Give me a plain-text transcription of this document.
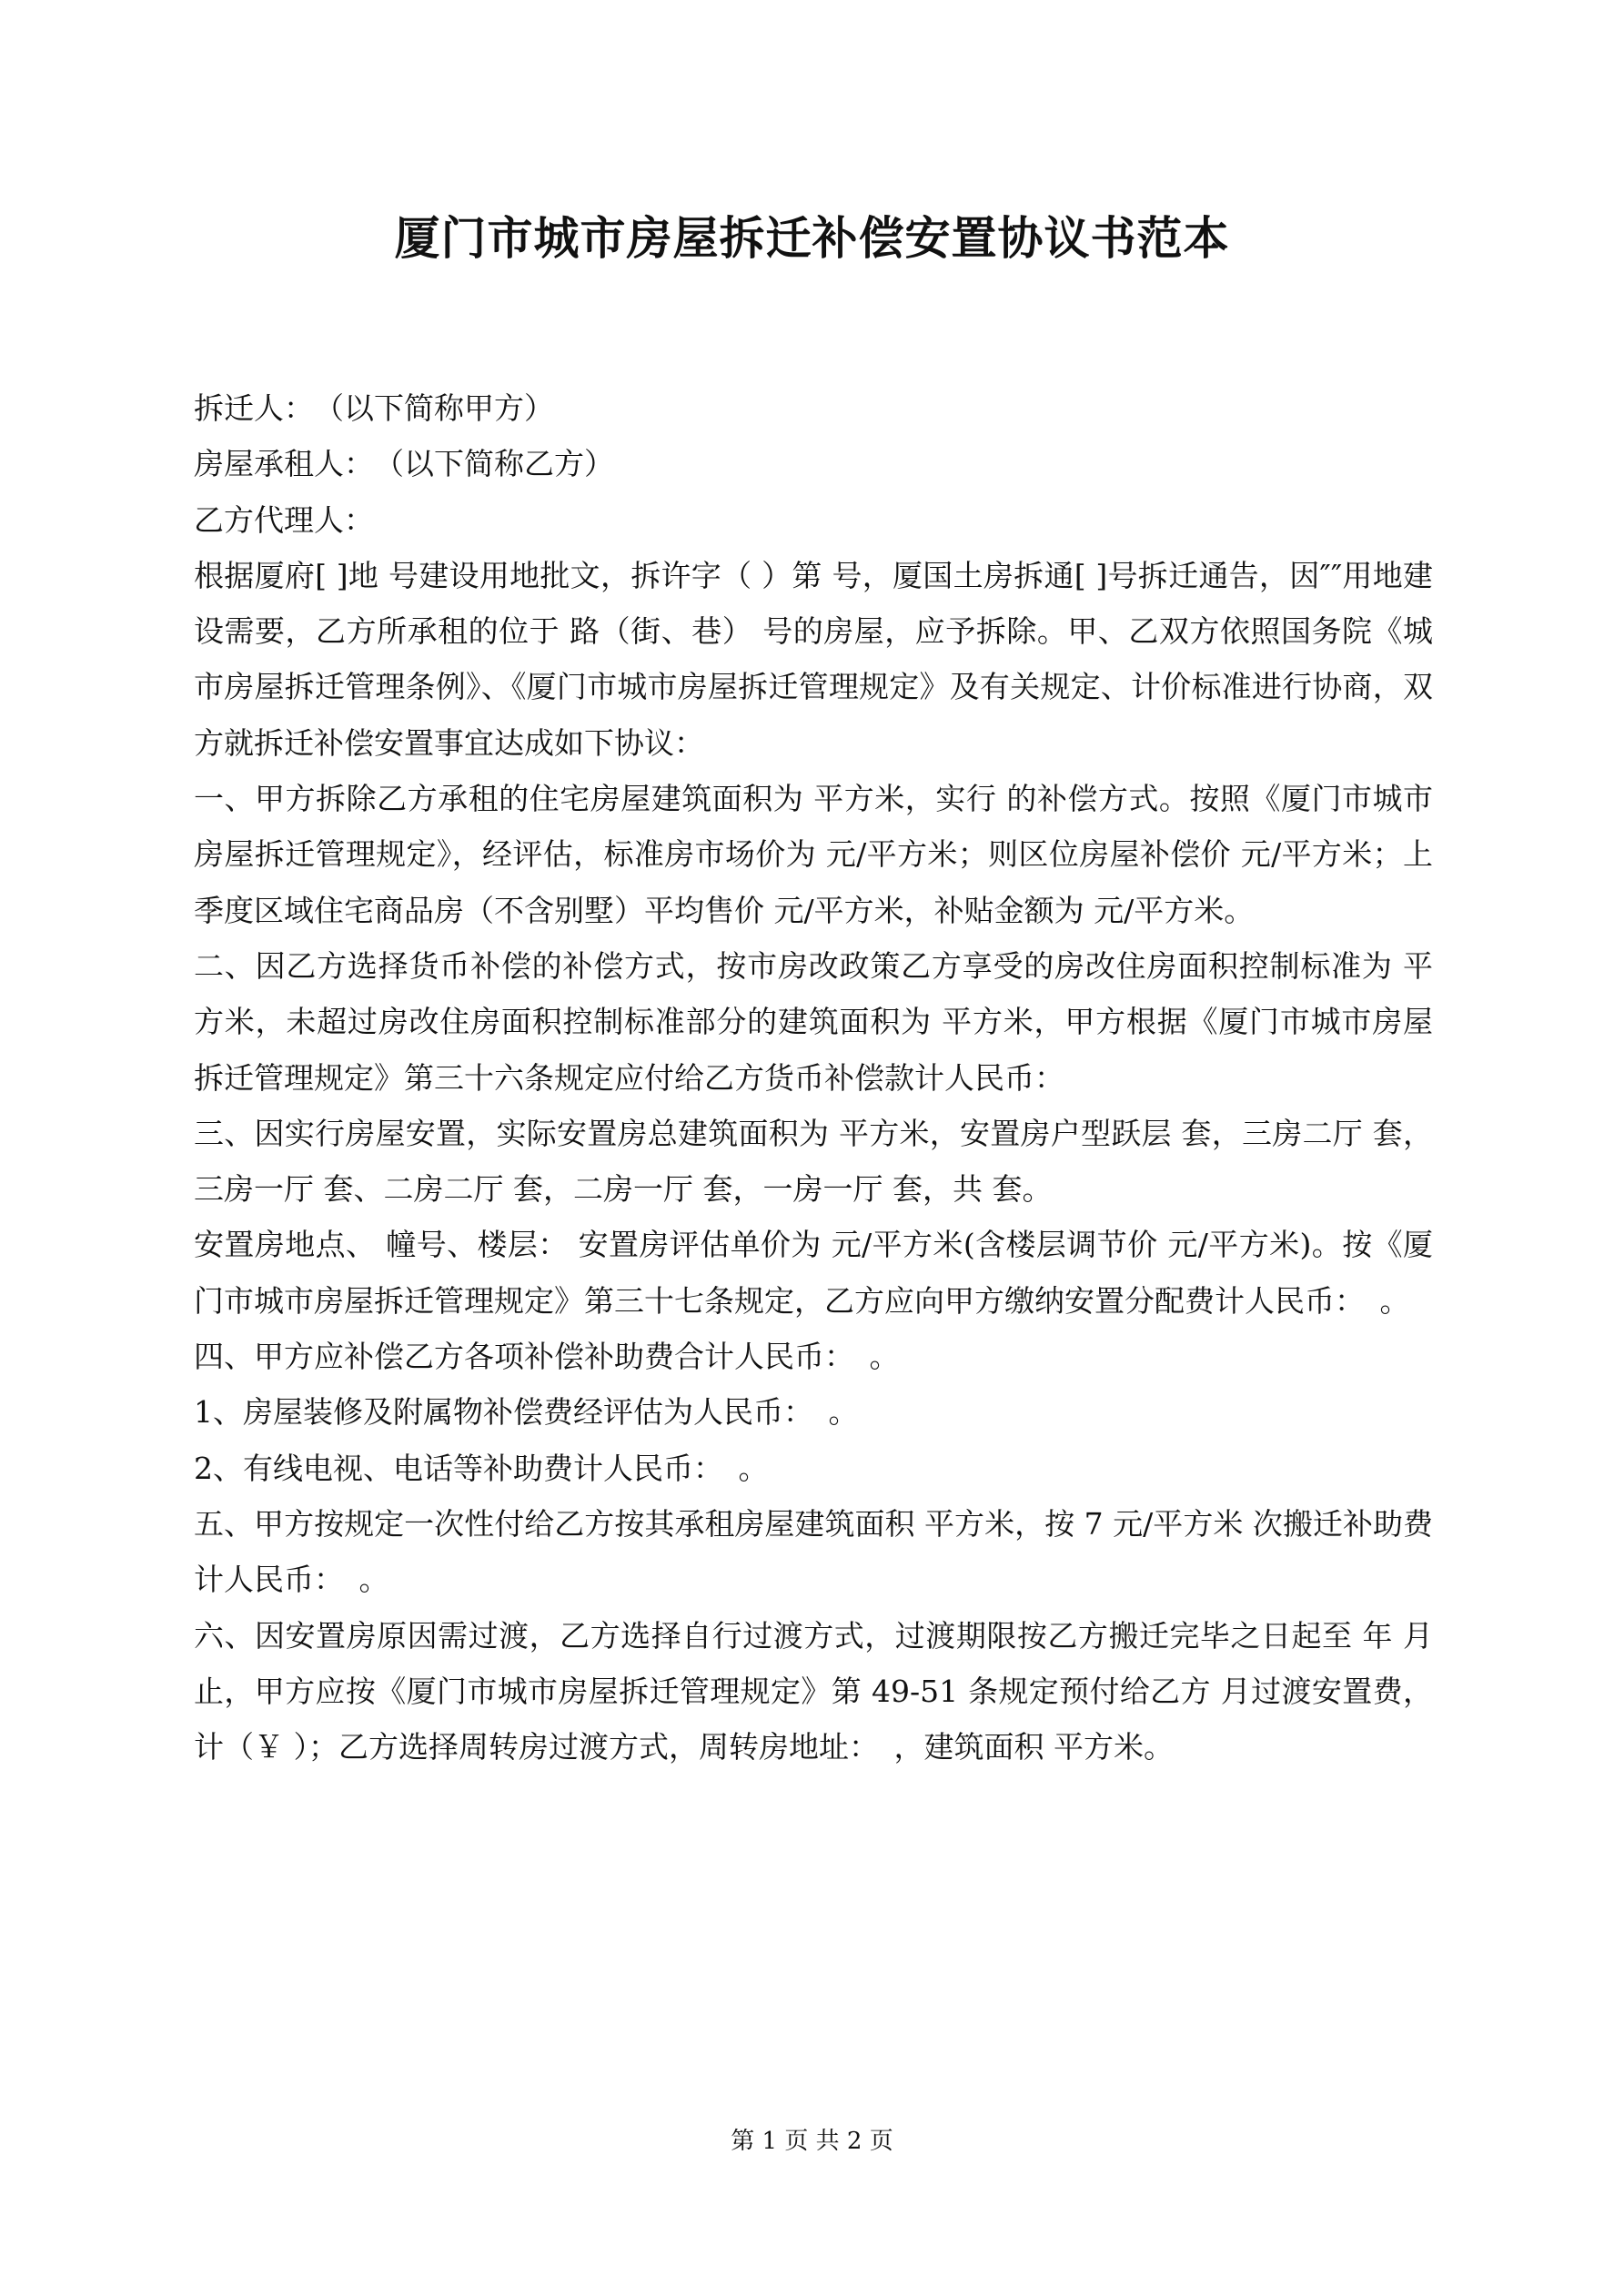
厦门市城市房屋拆迁补偿安置协议书范本

拆迁人：　（以下简称甲方）

房屋承租人：　（以下简称乙方）

乙方代理人：

根据厦府[ ]地 号建设用地批文，拆许字（ ）第 号，厦国土房拆通[ ]号拆迁通告，因″″用地建设需要，乙方所承租的位于 路（街、巷） 号的房屋，应予拆除。甲、乙双方依照国务院《城市房屋拆迁管理条例》、《厦门市城市房屋拆迁管理规定》及有关规定、计价标准进行协商，双方就拆迁补偿安置事宜达成如下协议：

一、甲方拆除乙方承租的住宅房屋建筑面积为 平方米，实行 的补偿方式。按照《厦门市城市房屋拆迁管理规定》，经评估，标准房市场价为 元/平方米；则区位房屋补偿价 元/平方米；上季度区域住宅商品房（不含别墅）平均售价 元/平方米，补贴金额为 元/平方米。

二、因乙方选择货币补偿的补偿方式，按市房改政策乙方享受的房改住房面积控制标准为 平方米，未超过房改住房面积控制标准部分的建筑面积为 平方米，甲方根据《厦门市城市房屋拆迁管理规定》第三十六条规定应付给乙方货币补偿款计人民币：

三、因实行房屋安置，实际安置房总建筑面积为 平方米，安置房户型跃层 套，三房二厅 套，三房一厅 套、二房二厅 套，二房一厅 套，一房一厅 套，共 套。

安置房地点、 幢号、楼层： 安置房评估单价为 元/平方米(含楼层调节价 元/平方米)。按《厦门市城市房屋拆迁管理规定》第三十七条规定，乙方应向甲方缴纳安置分配费计人民币：　。

四、甲方应补偿乙方各项补偿补助费合计人民币：　。

1、房屋装修及附属物补偿费经评估为人民币：　。

2、有线电视、电话等补助费计人民币：　。

五、甲方按规定一次性付给乙方按其承租房屋建筑面积 平方米，按 7 元/平方米 次搬迁补助费计人民币：　。

六、因安置房原因需过渡，乙方选择自行过渡方式，过渡期限按乙方搬迁完毕之日起至 年 月止，甲方应按《厦门市城市房屋拆迁管理规定》第 49-51 条规定预付给乙方 月过渡安置费，计（￥ ）；乙方选择周转房过渡方式，周转房地址：　，建筑面积 平方米。

第 1 页 共 2 页
